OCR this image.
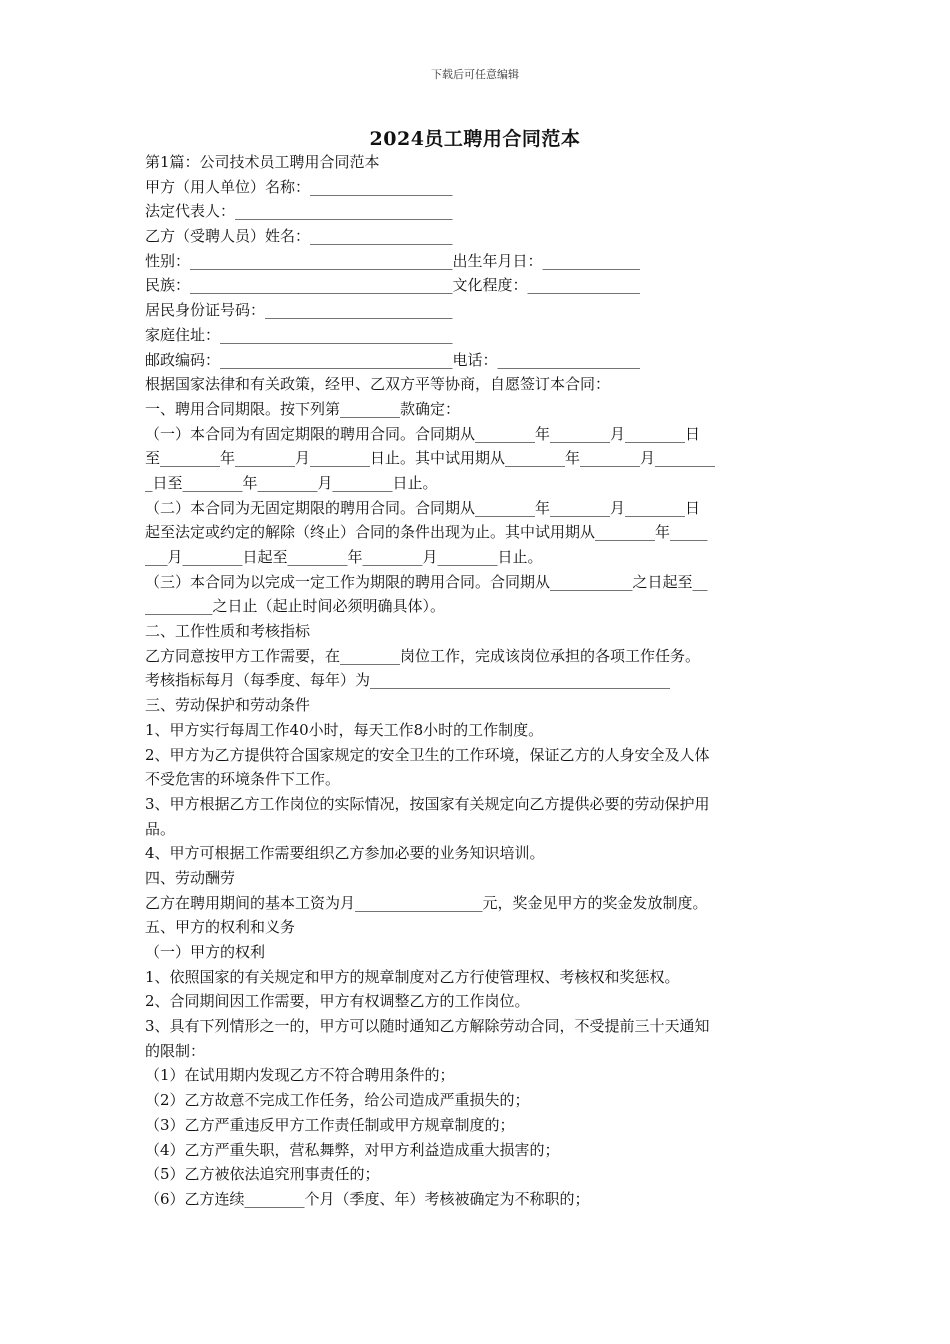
下载后可任意编辑
2024员工聘用合同范本
第1篇：公司技术员工聘用合同范本
甲方（用人单位）名称：___________________
法定代表人：_____________________________
乙方（受聘人员）姓名：___________________
性别：___________________________________出生年月日：_____________
民族：___________________________________文化程度：_______________
居民身份证号码：_________________________
家庭住址：_______________________________
邮政编码：_______________________________电话：___________________
根据国家法律和有关政策，经甲、乙双方平等协商，自愿签订本合同：
一、聘用合同期限。按下列第________款确定：
（一）本合同为有固定期限的聘用合同。合同期从________年________月________日
至________年________月________日止。其中试用期从________年________月________
_日至________年________月________日止。
（二）本合同为无固定期限的聘用合同。合同期从________年________月________日
起至法定或约定的解除（终止）合同的条件出现为止。其中试用期从________年_____
___月________日起至________年________月________日止。
（三）本合同为以完成一定工作为期限的聘用合同。合同期从___________之日起至__
_________之日止（起止时间必须明确具体）。
二、工作性质和考核指标
乙方同意按甲方工作需要，在________岗位工作，完成该岗位承担的各项工作任务。
考核指标每月（每季度、每年）为________________________________________
三、劳动保护和劳动条件
1、甲方实行每周工作40小时，每天工作8小时的工作制度。
2、甲方为乙方提供符合国家规定的安全卫生的工作环境，保证乙方的人身安全及人体
不受危害的环境条件下工作。
3、甲方根据乙方工作岗位的实际情况，按国家有关规定向乙方提供必要的劳动保护用
品。
4、甲方可根据工作需要组织乙方参加必要的业务知识培训。
四、劳动酬劳
乙方在聘用期间的基本工资为月_________________元，奖金见甲方的奖金发放制度。
五、甲方的权利和义务
（一）甲方的权利
1、依照国家的有关规定和甲方的规章制度对乙方行使管理权、考核权和奖惩权。
2、合同期间因工作需要，甲方有权调整乙方的工作岗位。
3、具有下列情形之一的，甲方可以随时通知乙方解除劳动合同，不受提前三十天通知
的限制：
（1）在试用期内发现乙方不符合聘用条件的；
（2）乙方故意不完成工作任务，给公司造成严重损失的；
（3）乙方严重违反甲方工作责任制或甲方规章制度的；
（4）乙方严重失职，营私舞弊，对甲方利益造成重大损害的；
（5）乙方被依法追究刑事责任的；
（6）乙方连续________个月（季度、年）考核被确定为不称职的；
